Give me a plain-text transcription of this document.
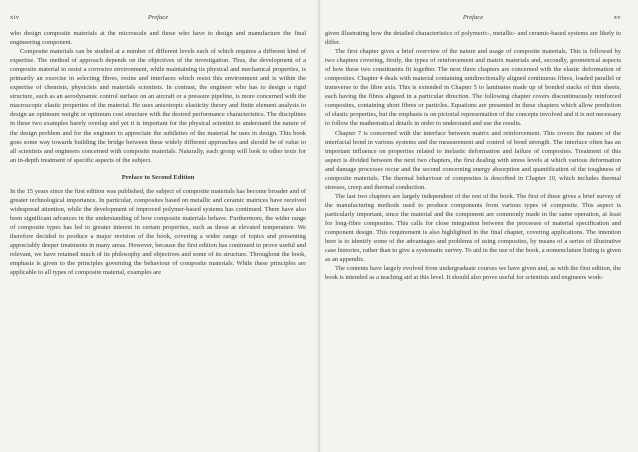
xiv	Preface

who design composite materials at the microscale and those who have to design and manufacture the final engineering component.

Composite materials can be studied at a number of different levels each of which requires a different kind of expertise. The method of approach depends on the objectives of the investigation. Thus, the development of a composite material to resist a corrosive environment, while maintaining its physical and mechanical properties, is primarily an exercise in selecting fibres, resins and interfaces which resist this environment and is within the expertise of chemists, physicists and materials scientists. In contrast, the engineer who has to design a rigid structure, such as an aerodynamic control surface on an aircraft or a pressure pipeline, is more concerned with the macroscopic elastic properties of the material. He uses anisotropic elasticity theory and finite element analysis to design an optimum weight or optimum cost structure with the desired performance characteristics. The disciplines in these two examples barely overlap and yet it is important for the physical scientist to understand the nature of the design problem and for the engineer to appreciate the subtleties of the material he uses in design. This book goes some way towards building the bridge between these widely different approaches and should be of value to all scientists and engineers concerned with composite materials. Naturally, each group will look to other texts for an in-depth treatment of specific aspects of the subject.

Preface to Second Edition

In the 15 years since the first edition was published, the subject of composite materials has become broader and of greater technological importance. In particular, composites based on metallic and ceramic matrices have received widespread attention, while the development of improved polymer-based systems has continued. There have also been significant advances in the understanding of how composite materials behave. Furthermore, the wider range of composite types has led to greater interest in certain properties, such as those at elevated temperature. We therefore decided to produce a major revision of the book, covering a wider range of topics and presenting appreciably deeper treatments in many areas. However, because the first edition has continued to prove useful and relevant, we have retained much of its philosophy and objectives and some of its structure. Throughout the book, emphasis is given to the principles governing the behaviour of composite materials. While these principles are applicable to all types of composite material, examples are

Preface	xv

given illustrating how the detailed characteristics of polymeric-, metallic- and ceramic-based systems are likely to differ.

The first chapter gives a brief overview of the nature and usage of composite materials. This is followed by two chapters covering, firstly, the types of reinforcement and matrix materials and, secondly, geometrical aspects of how these two constituents fit together. The next three chapters are concerned with the elastic deformation of composites. Chapter 4 deals with material containing unidirectionally aligned continuous fibres, loaded parallel or transverse to the fibre axis. This is extended in Chapter 5 to laminates made up of bonded stacks of thin sheets, each having the fibres aligned in a particular direction. The following chapter covers discontinuously reinforced composites, containing short fibres or particles. Equations are presented in these chapters which allow prediction of elastic properties, but the emphasis is on pictorial representation of the concepts involved and it is not necessary to follow the mathematical details in order to understand and use the results.

Chapter 7 is concerned with the interface between matrix and reinforcement. This covers the nature of the interfacial bond in various systems and the measurement and control of bond strength. The interface often has an important influence on properties related to inelastic deformation and failure of composites. Treatment of this aspect is divided between the next two chapters, the first dealing with stress levels at which various deformation and damage processes occur and the second concerning energy absorption and quantification of the toughness of composite materials. The thermal behaviour of composites is described in Chapter 10, which includes thermal stresses, creep and thermal conduction.

The last two chapters are largely independent of the rest of the book. The first of these gives a brief survey of the manufacturing methods used to produce components from various types of composite. This aspect is particularly important, since the material and the component are commonly made in the same operation, at least for long-fibre composites. This calls for close integration between the processes of material specification and component design. This requirement is also highlighted in the final chapter, covering applications. The intention here is to identify some of the advantages and problems of using composites, by means of a series of illustrative case histories, rather than to give a systematic survey. To aid in the use of the book, a nomenclature listing is given as an appendix.

The contents have largely evolved from undergraduate courses we have given and, as with the first edition, the book is intended as a teaching aid at this level. It should also prove useful for scientists and engineers work-
